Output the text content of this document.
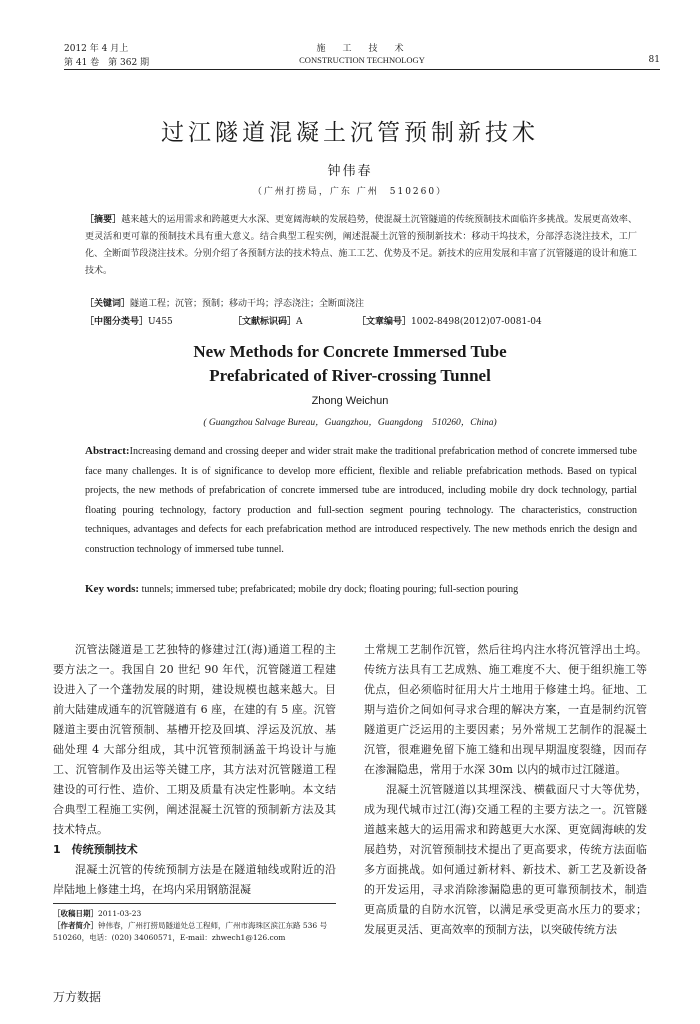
2012 年 4 月上
第 41 卷　第 362 期
施　工　技　术
CONSTRUCTION TECHNOLOGY	81
过江隧道混凝土沉管预制新技术
钟伟春
（广州打捞局，广东 广州　510260）
［摘要］越来越大的运用需求和跨越更大水深、更宽阔海峡的发展趋势，使混凝土沉管隧道的传统预制技术面临许多挑战。发展更高效率、更灵活和更可靠的预制技术具有重大意义。结合典型工程实例，阐述混凝土沉管的预制新技术：移动干坞技术，分部浮态浇注技术，工厂化、全断面节段浇注技术。分别介绍了各预制方法的技术特点、施工工艺、优势及不足。新技术的应用发展和丰富了沉管隧道的设计和施工技术。
［关键词］隧道工程；沉管；预制；移动干坞；浮态浇注；全断面浇注
［中图分类号］U455	［文献标识码］A	［文章编号］1002-8498(2012)07-0081-04
New Methods for Concrete Immersed Tube
Prefabricated of River-crossing Tunnel
Zhong Weichun
( Guangzhou Salvage Bureau，Guangzhou，Guangdong　510260，China)
Abstract:Increasing demand and crossing deeper and wider strait make the traditional prefabrication method of concrete immersed tube face many challenges. It is of significance to develop more efficient, flexible and reliable prefabrication methods. Based on typical projects, the new methods of prefabrication of concrete immersed tube are introduced, including mobile dry dock technology, partial floating pouring technology, factory production and full-section segment pouring technology. The characteristics, construction techniques, advantages and defects for each prefabrication method are introduced respectively. The new methods enrich the design and construction technology of immersed tube tunnel.
Key words: tunnels; immersed tube; prefabricated; mobile dry dock; floating pouring; full-section pouring

沉管法隧道是工艺独特的修建过江(海)通道工程的主要方法之一。我国自 20 世纪 90 年代，沉管隧道工程建设进入了一个蓬勃发展的时期，建设规模也越来越大。目前大陆建成通车的沉管隧道有 6 座，在建的有 5 座。沉管隧道主要由沉管预制、基槽开挖及回填、浮运及沉放、基础处理 4 大部分组成，其中沉管预制涵盖干坞设计与施工、沉管制作及出运等关键工序，其方法对沉管隧道工程建设的可行性、造价、工期及质量有决定性影响。本文结合典型工程施工实例，阐述混凝土沉管的预制新方法及其技术特点。

1　传统预制技术

混凝土沉管的传统预制方法是在隧道轴线或附近的沿岸陆地上修建土坞，在坞内采用钢筋混凝

土常规工艺制作沉管，然后往坞内注水将沉管浮出土坞。传统方法具有工艺成熟、施工难度不大、便于组织施工等优点，但必须临时征用大片土地用于修建土坞。征地、工期与造价之间如何寻求合理的解决方案，一直是制约沉管隧道更广泛运用的主要因素；另外常规工艺制作的混凝土沉管，很难避免留下施工缝和出现早期温度裂缝，因而存在渗漏隐患，常用于水深 30m 以内的城市过江隧道。

混凝土沉管隧道以其埋深浅、横截面尺寸大等优势，成为现代城市过江(海)交通工程的主要方法之一。沉管隧道越来越大的运用需求和跨越更大水深、更宽阔海峡的发展趋势，对沉管预制技术提出了更高要求，传统方法面临多方面挑战。如何通过新材料、新技术、新工艺及新设备的开发运用，寻求消除渗漏隐患的更可靠预制技术，制造更高质量的自防水沉管，以满足承受更高水压力的要求；发展更灵活、更高效率的预制方法，以突破传统方法

［收稿日期］2011-03-23
［作者简介］钟伟春，广州打捞局隧道处总工程师，广州市海珠区滨江东路 536 号　510260，电话：(020) 34060571，E-mail：zhwech1@126.com
万方数据
